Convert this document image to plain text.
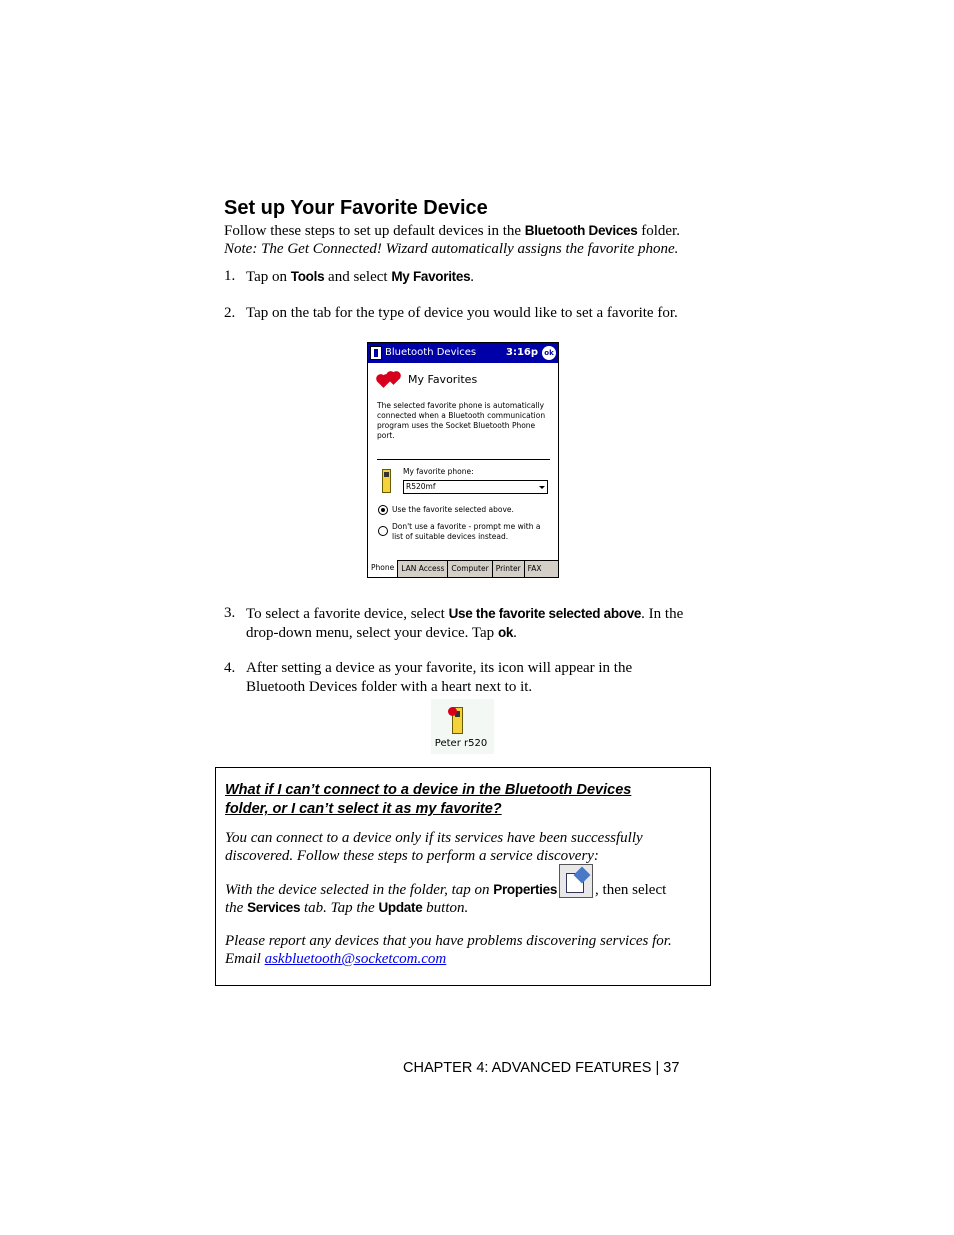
Set up Your Favorite Device
Follow these steps to set up default devices in the Bluetooth Devices folder.
Note: The Get Connected! Wizard automatically assigns the favorite phone.
1. Tap on Tools and select My Favorites.
2. Tap on the tab for the type of device you would like to set a favorite for.
Bluetooth Devices	3:16p ok
My Favorites
The selected favorite phone is automatically connected when a Bluetooth communication program uses the Socket Bluetooth Phone port.
My favorite phone:
R520mf
Use the favorite selected above.
Don't use a favorite - prompt me with a list of suitable devices instead.
Phone LAN Access Computer Printer FAX
3. To select a favorite device, select Use the favorite selected above. In the
drop-down menu, select your device. Tap ok.
4. After setting a device as your favorite, its icon will appear in the
Bluetooth Devices folder with a heart next to it.
Peter r520
What if I can’t connect to a device in the Bluetooth Devices
folder, or I can’t select it as my favorite?
You can connect to a device only if its services have been successfully
discovered. Follow these steps to perform a service discovery:
With the device selected in the folder, tap on Properties	, then select
the Services tab. Tap the Update button.
Please report any devices that you have problems discovering services for.
Email askbluetooth@socketcom.com
CHAPTER 4: ADVANCED FEATURES | 37
